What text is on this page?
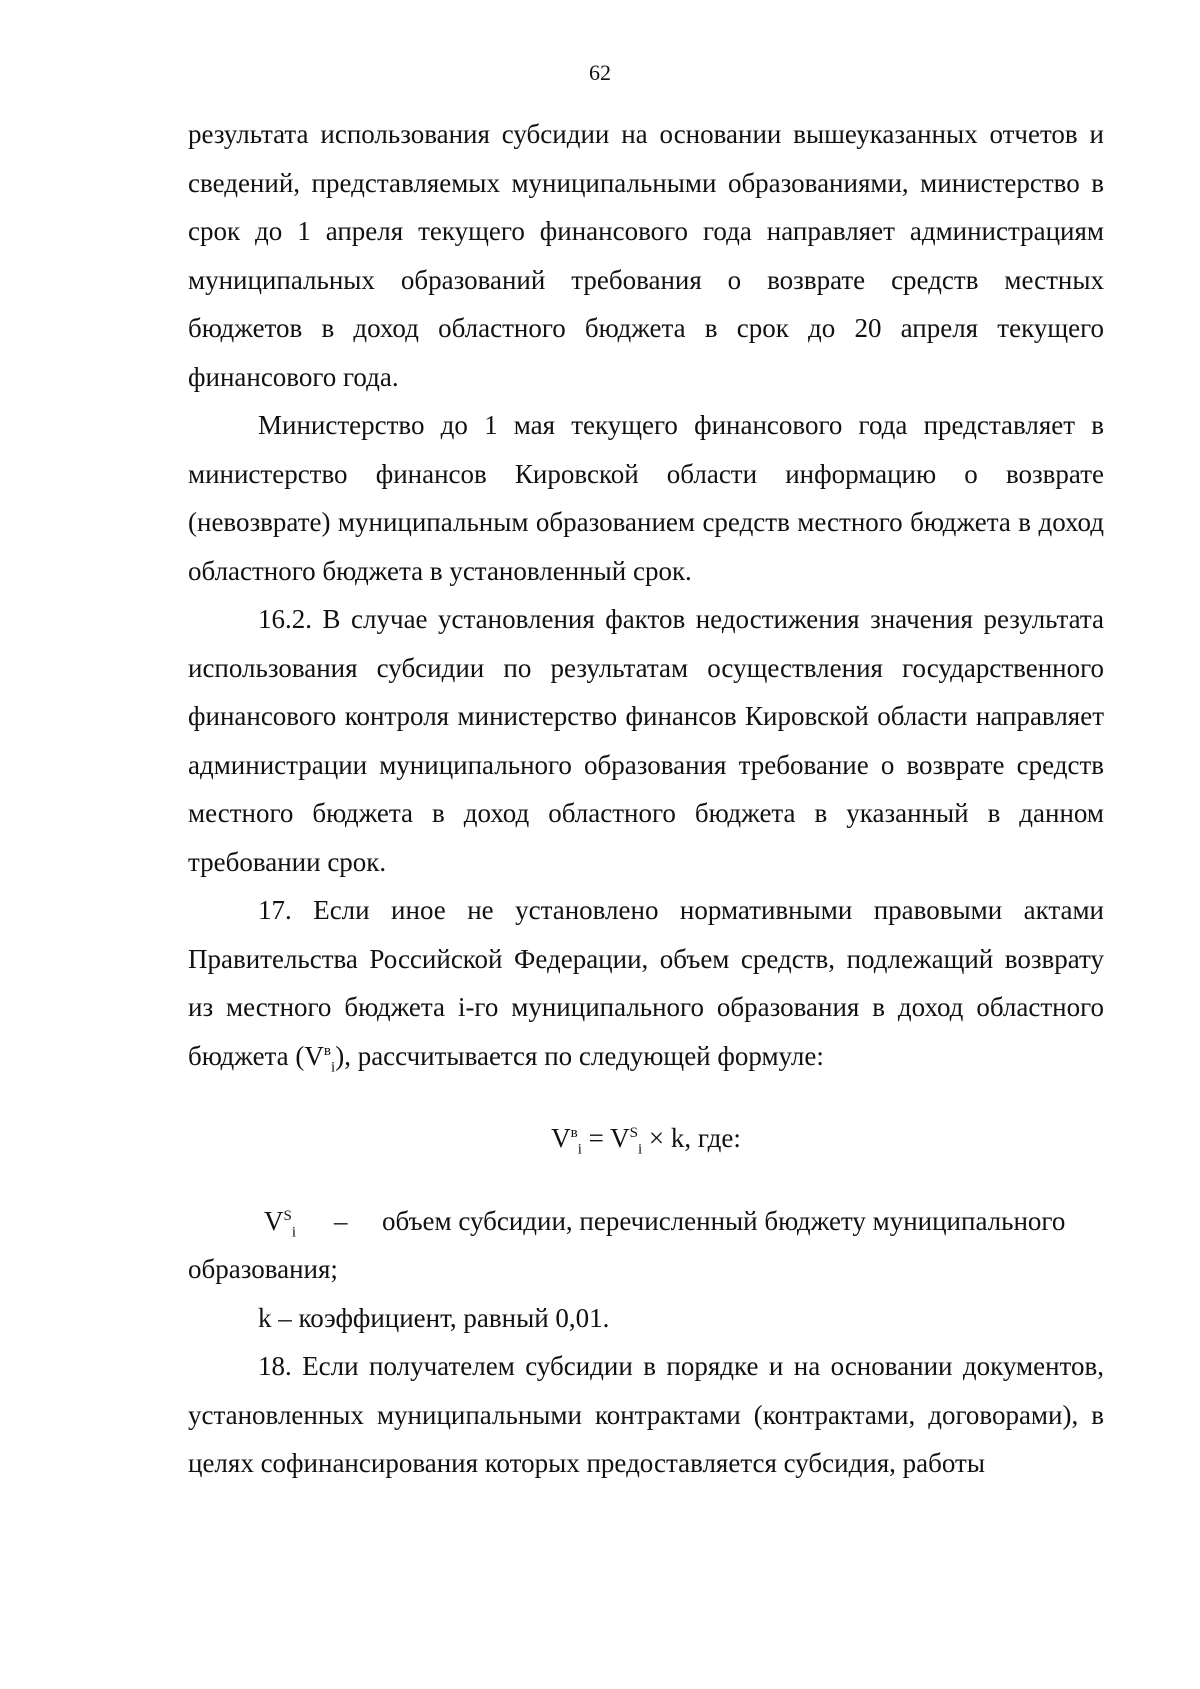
62

результата использования субсидии на основании вышеуказанных отчетов и сведений, представляемых муниципальными образованиями, министерство в срок до 1 апреля текущего финансового года направляет администрациям муниципальных образований требования о возврате средств местных бюджетов в доход областного бюджета в срок до 20 апреля текущего финансового года.

Министерство до 1 мая текущего финансового года представляет в министерство финансов Кировской области информацию о возврате (невозврате) муниципальным образованием средств местного бюджета в доход областного бюджета в установленный срок.

16.2. В случае установления фактов недостижения значения результата использования субсидии по результатам осуществления государственного финансового контроля министерство финансов Кировской области направляет администрации муниципального образования требование о возврате средств местного бюджета в доход областного бюджета в указанный в данном требовании срок.

17. Если иное не установлено нормативными правовыми актами Правительства Российской Федерации, объем средств, подлежащий возврату из местного бюджета i-го муниципального образования в доход областного бюджета $(V^в_i)$, рассчитывается по следующей формуле:

$V^в_i = V^S_i \times k$, где:

$V^S_i$	–	объем субсидии, перечисленный бюджету муниципального

образования;

k – коэффициент, равный 0,01.

18. Если получателем субсидии в порядке и на основании документов, установленных муниципальными контрактами (контрактами, договорами), в целях софинансирования которых предоставляется субсидия, работы
